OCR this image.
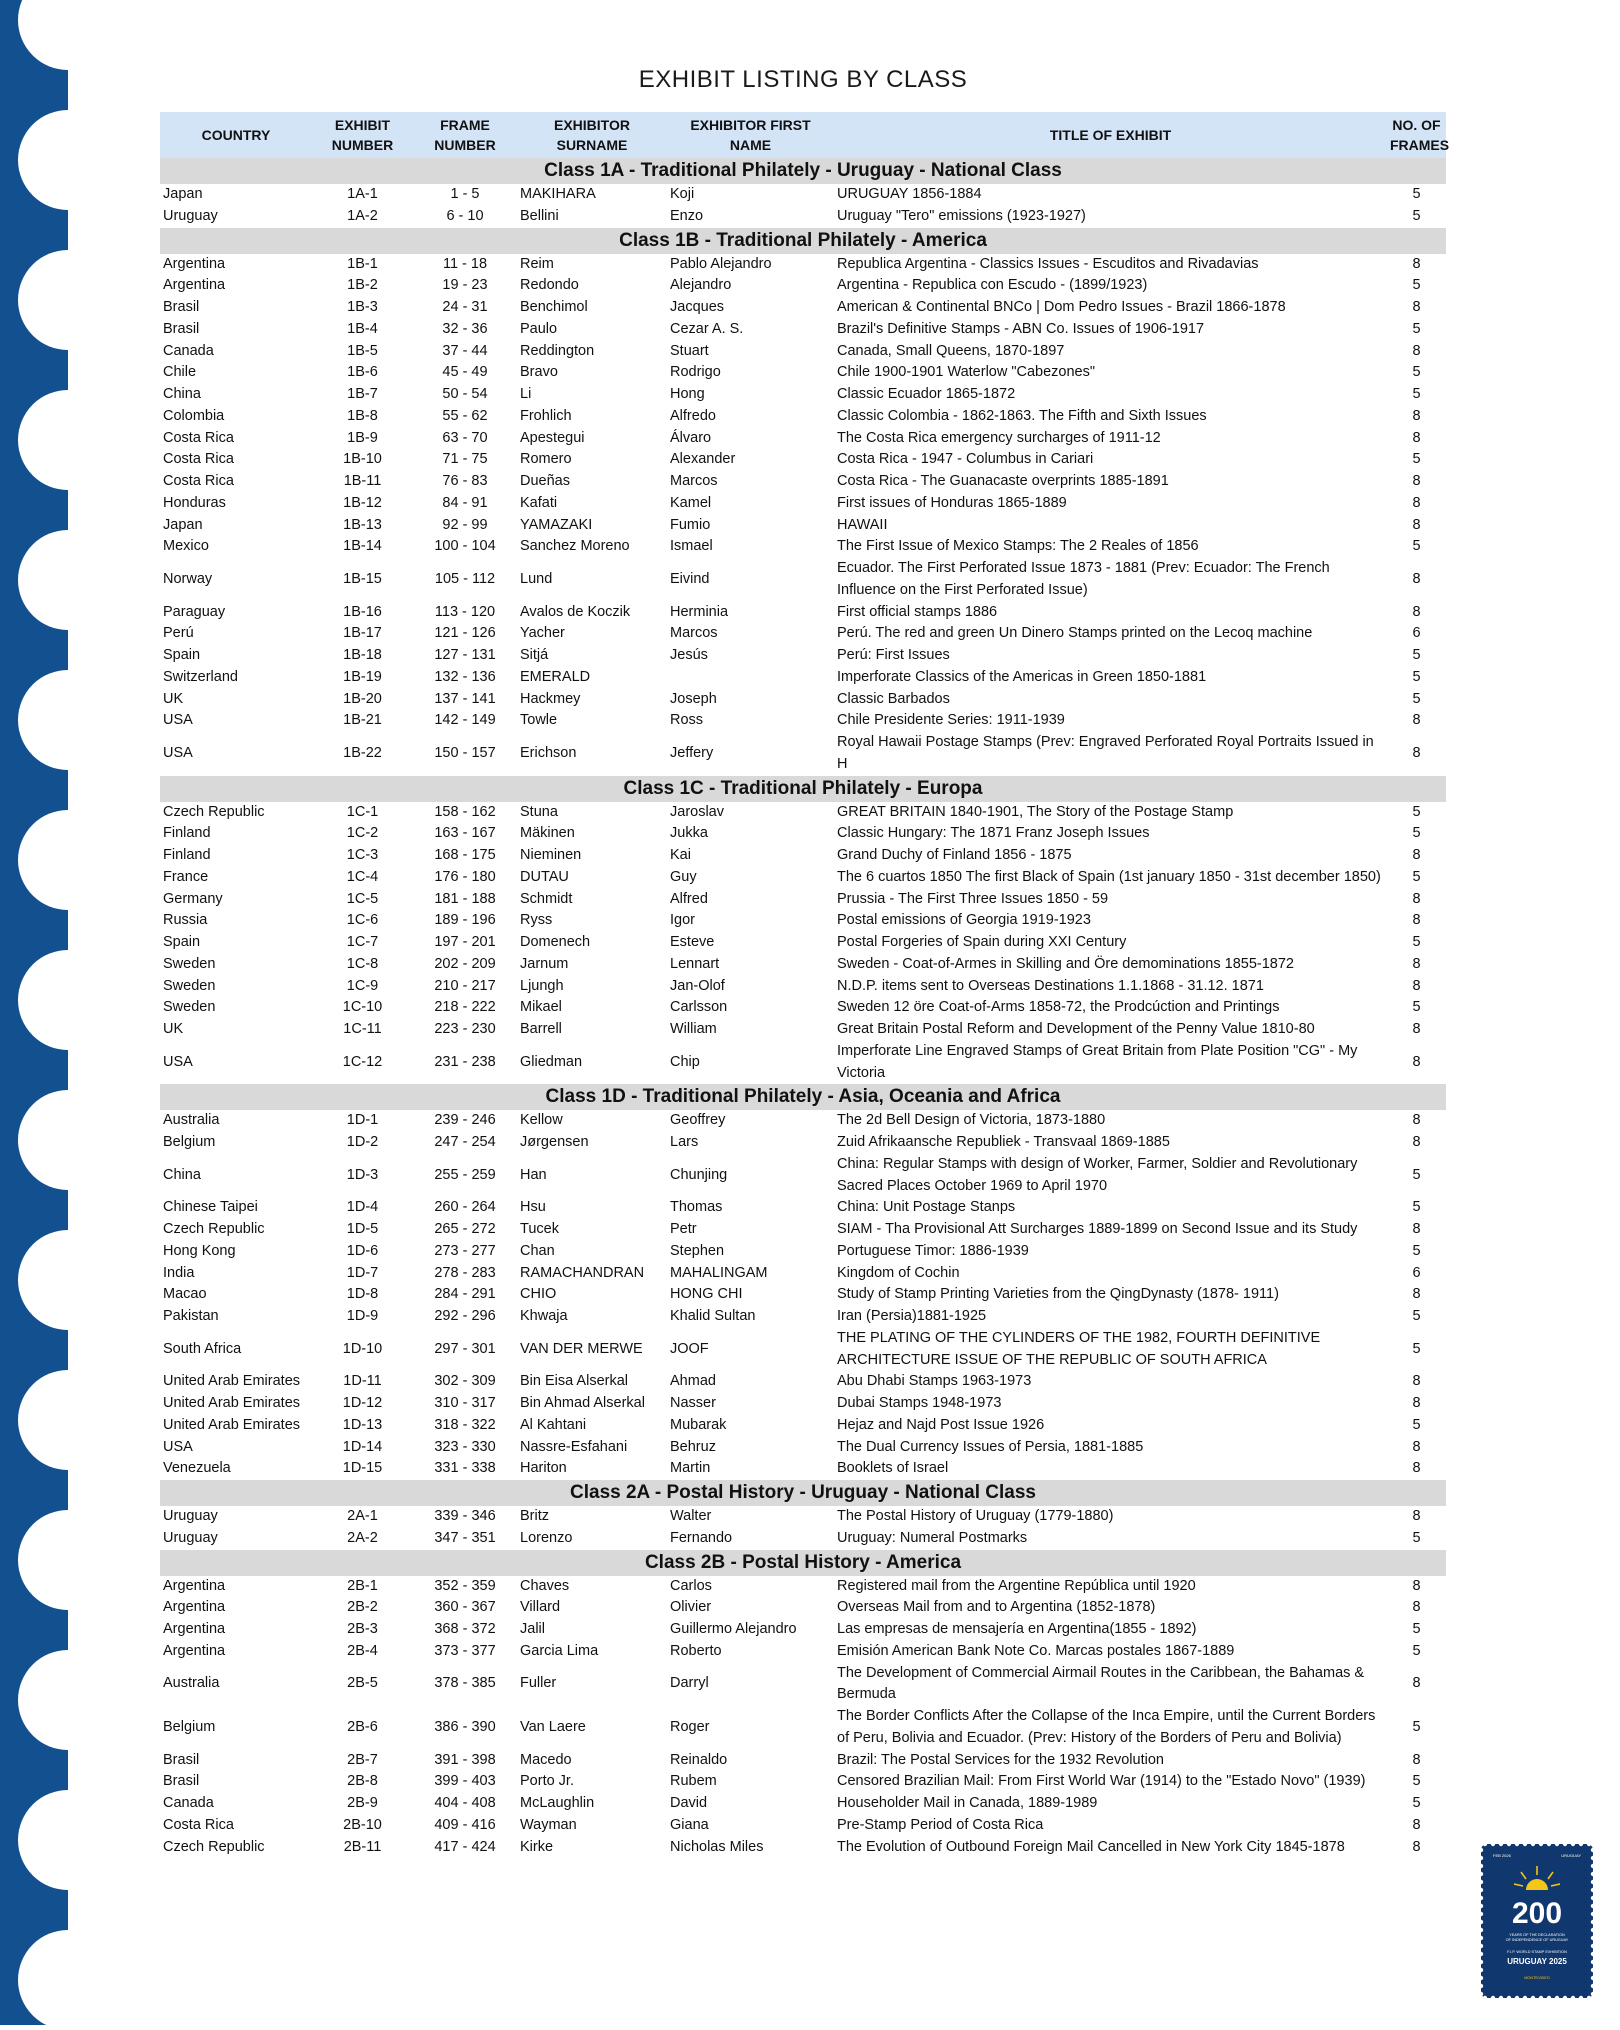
EXHIBIT LISTING BY CLASS
COUNTRY	EXHIBIT NUMBER	FRAME NUMBER	EXHIBITOR SURNAME	EXHIBITOR FIRST NAME	TITLE OF EXHIBIT	NO. OF FRAMES
Class 1A - Traditional Philately - Uruguay - National Class						
Japan	1A-1	1 - 5	MAKIHARA	Koji	URUGUAY 1856-1884	5
Uruguay	1A-2	6 - 10	Bellini	Enzo	Uruguay "Tero" emissions (1923-1927)	5
Class 1B - Traditional Philately - America						
Argentina	1B-1	11 - 18	Reim	Pablo Alejandro	Republica Argentina - Classics Issues - Escuditos and Rivadavias	8
Argentina	1B-2	19 - 23	Redondo	Alejandro	Argentina - Republica con Escudo - (1899/1923)	5
Brasil	1B-3	24 - 31	Benchimol	Jacques	American & Continental BNCo | Dom Pedro Issues - Brazil 1866-1878	8
Brasil	1B-4	32 - 36	Paulo	Cezar A. S.	Brazil's Definitive Stamps - ABN Co. Issues of 1906-1917	5
Canada	1B-5	37 - 44	Reddington	Stuart	Canada, Small Queens, 1870-1897	8
Chile	1B-6	45 - 49	Bravo	Rodrigo	Chile 1900-1901 Waterlow "Cabezones"	5
China	1B-7	50 - 54	Li	Hong	Classic Ecuador 1865-1872	5
Colombia	1B-8	55 - 62	Frohlich	Alfredo	Classic Colombia - 1862-1863. The Fifth and Sixth Issues	8
Costa Rica	1B-9	63 - 70	Apestegui	Álvaro	The Costa Rica emergency surcharges of 1911-12	8
Costa Rica	1B-10	71 - 75	Romero	Alexander	Costa Rica - 1947 - Columbus in Cariari	5
Costa Rica	1B-11	76 - 83	Dueñas	Marcos	Costa Rica - The Guanacaste overprints 1885-1891	8
Honduras	1B-12	84 - 91	Kafati	Kamel	First issues of Honduras 1865-1889	8
Japan	1B-13	92 - 99	YAMAZAKI	Fumio	HAWAII	8
Mexico	1B-14	100 - 104	Sanchez Moreno	Ismael	The First Issue of Mexico Stamps: The 2 Reales of 1856	5
Norway	1B-15	105 - 112	Lund	Eivind	Ecuador. The First Perforated Issue 1873 - 1881 (Prev: Ecuador: The French Influence on the First Perforated Issue)	8
Paraguay	1B-16	113 - 120	Avalos de Koczik	Herminia	First official stamps 1886	8
Perú	1B-17	121 - 126	Yacher	Marcos	Perú. The red and green Un Dinero Stamps printed on the Lecoq machine	6
Spain	1B-18	127 - 131	Sitjá	Jesús	Perú: First Issues	5
Switzerland	1B-19	132 - 136	EMERALD		Imperforate Classics of the Americas in Green 1850-1881	5
UK	1B-20	137 - 141	Hackmey	Joseph	Classic Barbados	5
USA	1B-21	142 - 149	Towle	Ross	Chile Presidente Series: 1911-1939	8
USA	1B-22	150 - 157	Erichson	Jeffery	Royal Hawaii Postage Stamps (Prev: Engraved Perforated Royal Portraits Issued in H	8
Class 1C - Traditional Philately - Europa						
Czech Republic	1C-1	158 - 162	Stuna	Jaroslav	GREAT BRITAIN 1840-1901, The Story of the Postage Stamp	5
Finland	1C-2	163 - 167	Mäkinen	Jukka	Classic Hungary: The 1871 Franz Joseph Issues	5
Finland	1C-3	168 - 175	Nieminen	Kai	Grand Duchy of Finland 1856 - 1875	8
France	1C-4	176 - 180	DUTAU	Guy	The 6 cuartos 1850 The first Black of Spain (1st january 1850 - 31st december 1850)	5
Germany	1C-5	181 - 188	Schmidt	Alfred	Prussia - The First Three Issues 1850 - 59	8
Russia	1C-6	189 - 196	Ryss	Igor	Postal emissions of Georgia 1919-1923	8
Spain	1C-7	197 - 201	Domenech	Esteve	Postal Forgeries of Spain during XXI Century	5
Sweden	1C-8	202 - 209	Jarnum	Lennart	Sweden - Coat-of-Armes in Skilling and Öre demominations 1855-1872	8
Sweden	1C-9	210 - 217	Ljungh	Jan-Olof	N.D.P. items sent to Overseas Destinations 1.1.1868 - 31.12. 1871	8
Sweden	1C-10	218 - 222	Mikael	Carlsson	Sweden 12 öre Coat-of-Arms 1858-72, the Prodcúction and Printings	5
UK	1C-11	223 - 230	Barrell	William	Great Britain Postal Reform and Development of the Penny Value 1810-80	8
USA	1C-12	231 - 238	Gliedman	Chip	Imperforate Line Engraved Stamps of Great Britain from Plate Position "CG" - My Victoria	8
Class 1D - Traditional Philately - Asia, Oceania and Africa						
Australia	1D-1	239 - 246	Kellow	Geoffrey	The 2d Bell Design of Victoria, 1873-1880	8
Belgium	1D-2	247 - 254	Jørgensen	Lars	Zuid Afrikaansche Republiek - Transvaal 1869-1885	8
China	1D-3	255 - 259	Han	Chunjing	China: Regular Stamps with design of Worker, Farmer, Soldier and Revolutionary Sacred Places October 1969 to April 1970	5
Chinese Taipei	1D-4	260 - 264	Hsu	Thomas	China: Unit Postage Stanps	5
Czech Republic	1D-5	265 - 272	Tucek	Petr	SIAM - Tha Provisional Att Surcharges 1889-1899 on Second Issue and its Study	8
Hong Kong	1D-6	273 - 277	Chan	Stephen	Portuguese Timor: 1886-1939	5
India	1D-7	278 - 283	RAMACHANDRAN	MAHALINGAM	Kingdom of Cochin	6
Macao	1D-8	284 - 291	CHIO	HONG CHI	Study of Stamp Printing Varieties from the QingDynasty (1878- 1911)	8
Pakistan	1D-9	292 - 296	Khwaja	Khalid Sultan	Iran (Persia)1881-1925	5
South Africa	1D-10	297 - 301	VAN DER MERWE	JOOF	THE PLATING OF THE CYLINDERS OF THE 1982, FOURTH DEFINITIVE ARCHITECTURE ISSUE OF THE REPUBLIC OF SOUTH AFRICA	5
United Arab Emirates	1D-11	302 - 309	Bin Eisa Alserkal	Ahmad	Abu Dhabi Stamps 1963-1973	8
United Arab Emirates	1D-12	310 - 317	Bin Ahmad Alserkal	Nasser	Dubai Stamps 1948-1973	8
United Arab Emirates	1D-13	318 - 322	Al Kahtani	Mubarak	Hejaz and Najd Post Issue 1926	5
USA	1D-14	323 - 330	Nassre-Esfahani	Behruz	The Dual Currency Issues of Persia, 1881-1885	8
Venezuela	1D-15	331 - 338	Hariton	Martin	Booklets of Israel	8
Class 2A - Postal History - Uruguay - National Class						
Uruguay	2A-1	339 - 346	Britz	Walter	The Postal History of Uruguay (1779-1880)	8
Uruguay	2A-2	347 - 351	Lorenzo	Fernando	Uruguay: Numeral Postmarks	5
Class 2B - Postal History - America						
Argentina	2B-1	352 - 359	Chaves	Carlos	Registered mail from the Argentine República until 1920	8
Argentina	2B-2	360 - 367	Villard	Olivier	Overseas Mail from and to Argentina (1852-1878)	8
Argentina	2B-3	368 - 372	Jalil	Guillermo Alejandro	Las empresas de mensajería en Argentina(1855 - 1892)	5
Argentina	2B-4	373 - 377	Garcia Lima	Roberto	Emisión American Bank Note Co. Marcas postales 1867-1889	5
Australia	2B-5	378 - 385	Fuller	Darryl	The Development of Commercial Airmail Routes in the Caribbean, the Bahamas & Bermuda	8
Belgium	2B-6	386 - 390	Van Laere	Roger	The Border Conflicts After the Collapse of the Inca Empire, until the Current Borders of Peru, Bolivia and Ecuador. (Prev: History of the Borders of Peru and Bolivia)	5
Brasil	2B-7	391 - 398	Macedo	Reinaldo	Brazil: The Postal Services for the 1932 Revolution	8
Brasil	2B-8	399 - 403	Porto Jr.	Rubem	Censored Brazilian Mail: From First World War (1914) to the "Estado Novo" (1939)	5
Canada	2B-9	404 - 408	McLaughlin	David	Householder Mail in Canada, 1889-1989	5
Costa Rica	2B-10	409 - 416	Wayman	Giana	Pre-Stamp Period of Costa Rica	8
Czech Republic	2B-11	417 - 424	Kirke	Nicholas Miles	The Evolution of Outbound Foreign Mail Cancelled in New York City 1845-1878	8
FEB 2026	URUGUAY
200
YEARS OF THE DECLARATION
OF INDEPENDENCE OF URUGUAY
F.I.P. WORLD STAMP EXHIBITION
URUGUAY 2025
MONTEVIDEO
